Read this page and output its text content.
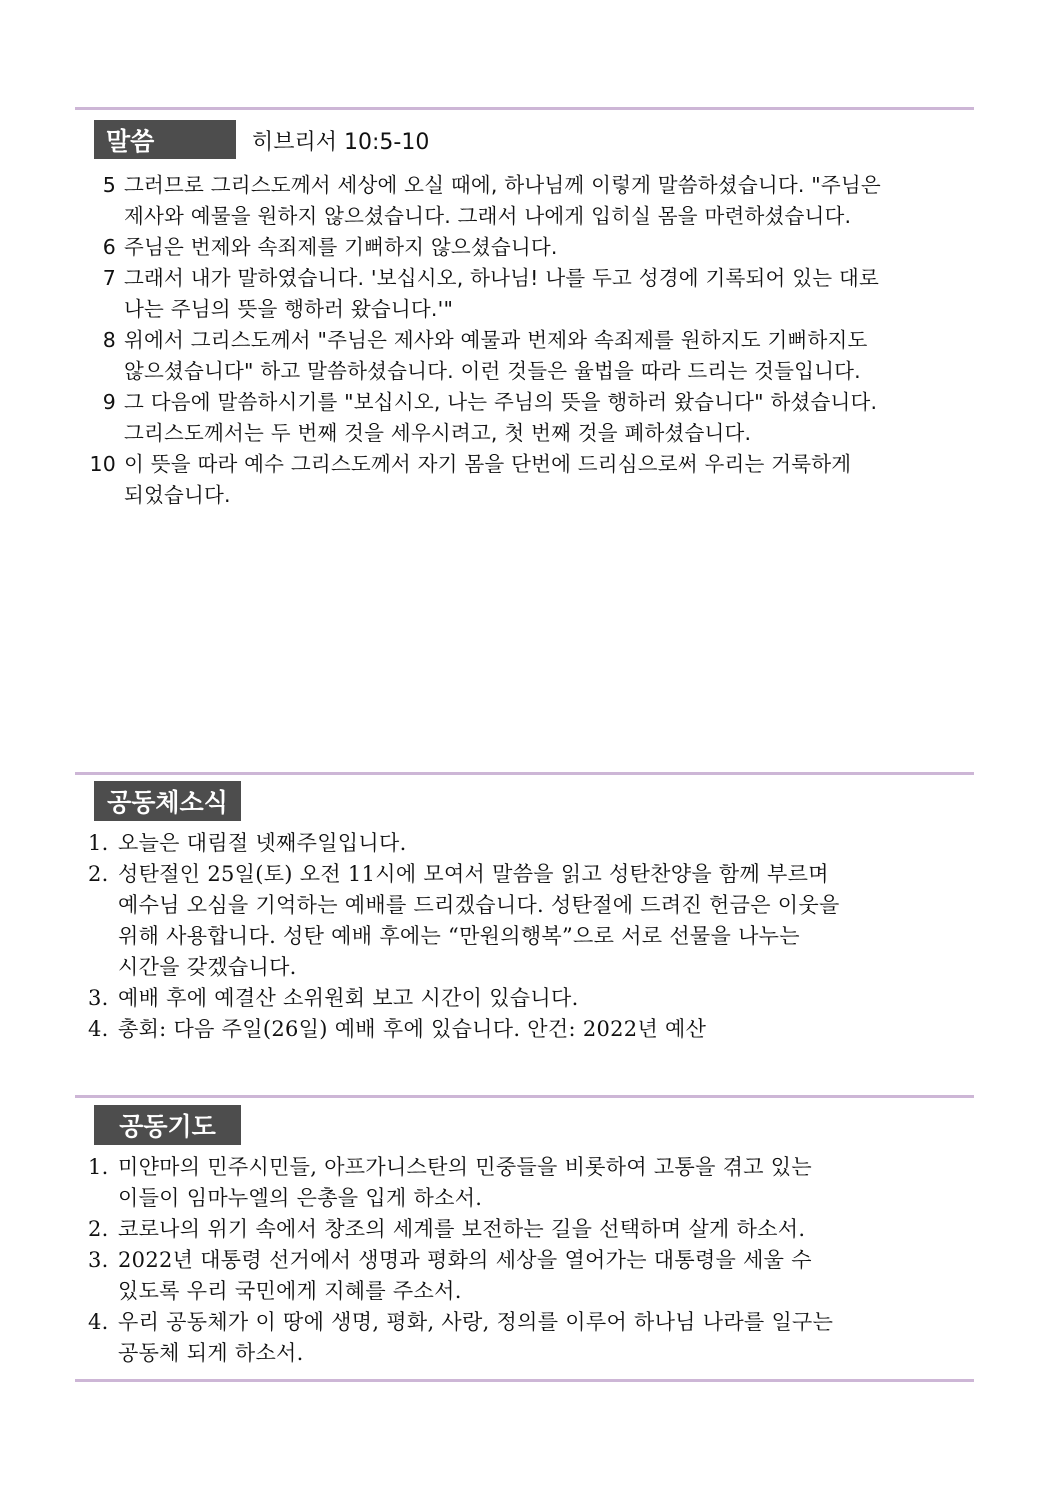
말씀	히브리서 10:5-10
5 그러므로 그리스도께서 세상에 오실 때에, 하나님께 이렇게 말씀하셨습니다. "주님은
제사와 예물을 원하지 않으셨습니다. 그래서 나에게 입히실 몸을 마련하셨습니다.
6 주님은 번제와 속죄제를 기뻐하지 않으셨습니다.
7 그래서 내가 말하였습니다. '보십시오, 하나님! 나를 두고 성경에 기록되어 있는 대로
나는 주님의 뜻을 행하러 왔습니다.'"
8 위에서 그리스도께서 "주님은 제사와 예물과 번제와 속죄제를 원하지도 기뻐하지도
않으셨습니다" 하고 말씀하셨습니다. 이런 것들은 율법을 따라 드리는 것들입니다.
9 그 다음에 말씀하시기를 "보십시오, 나는 주님의 뜻을 행하러 왔습니다" 하셨습니다.
그리스도께서는 두 번째 것을 세우시려고, 첫 번째 것을 폐하셨습니다.
10 이 뜻을 따라 예수 그리스도께서 자기 몸을 단번에 드리심으로써 우리는 거룩하게
되었습니다.
공동체소식
1. 오늘은 대림절 넷째주일입니다.
2. 성탄절인 25일(토) 오전 11시에 모여서 말씀을 읽고 성탄찬양을 함께 부르며
예수님 오심을 기억하는 예배를 드리겠습니다. 성탄절에 드려진 헌금은 이웃을
위해 사용합니다. 성탄 예배 후에는 “만원의행복”으로 서로 선물을 나누는
시간을 갖겠습니다.
3. 예배 후에 예결산 소위원회 보고 시간이 있습니다.
4. 총회: 다음 주일(26일) 예배 후에 있습니다. 안건: 2022년 예산
공동기도
1. 미얀마의 민주시민들, 아프가니스탄의 민중들을 비롯하여 고통을 겪고 있는
이들이 임마누엘의 은총을 입게 하소서.
2. 코로나의 위기 속에서 창조의 세계를 보전하는 길을 선택하며 살게 하소서.
3. 2022년 대통령 선거에서 생명과 평화의 세상을 열어가는 대통령을 세울 수
있도록 우리 국민에게 지혜를 주소서.
4. 우리 공동체가 이 땅에 생명, 평화, 사랑, 정의를 이루어 하나님 나라를 일구는
공동체 되게 하소서.
